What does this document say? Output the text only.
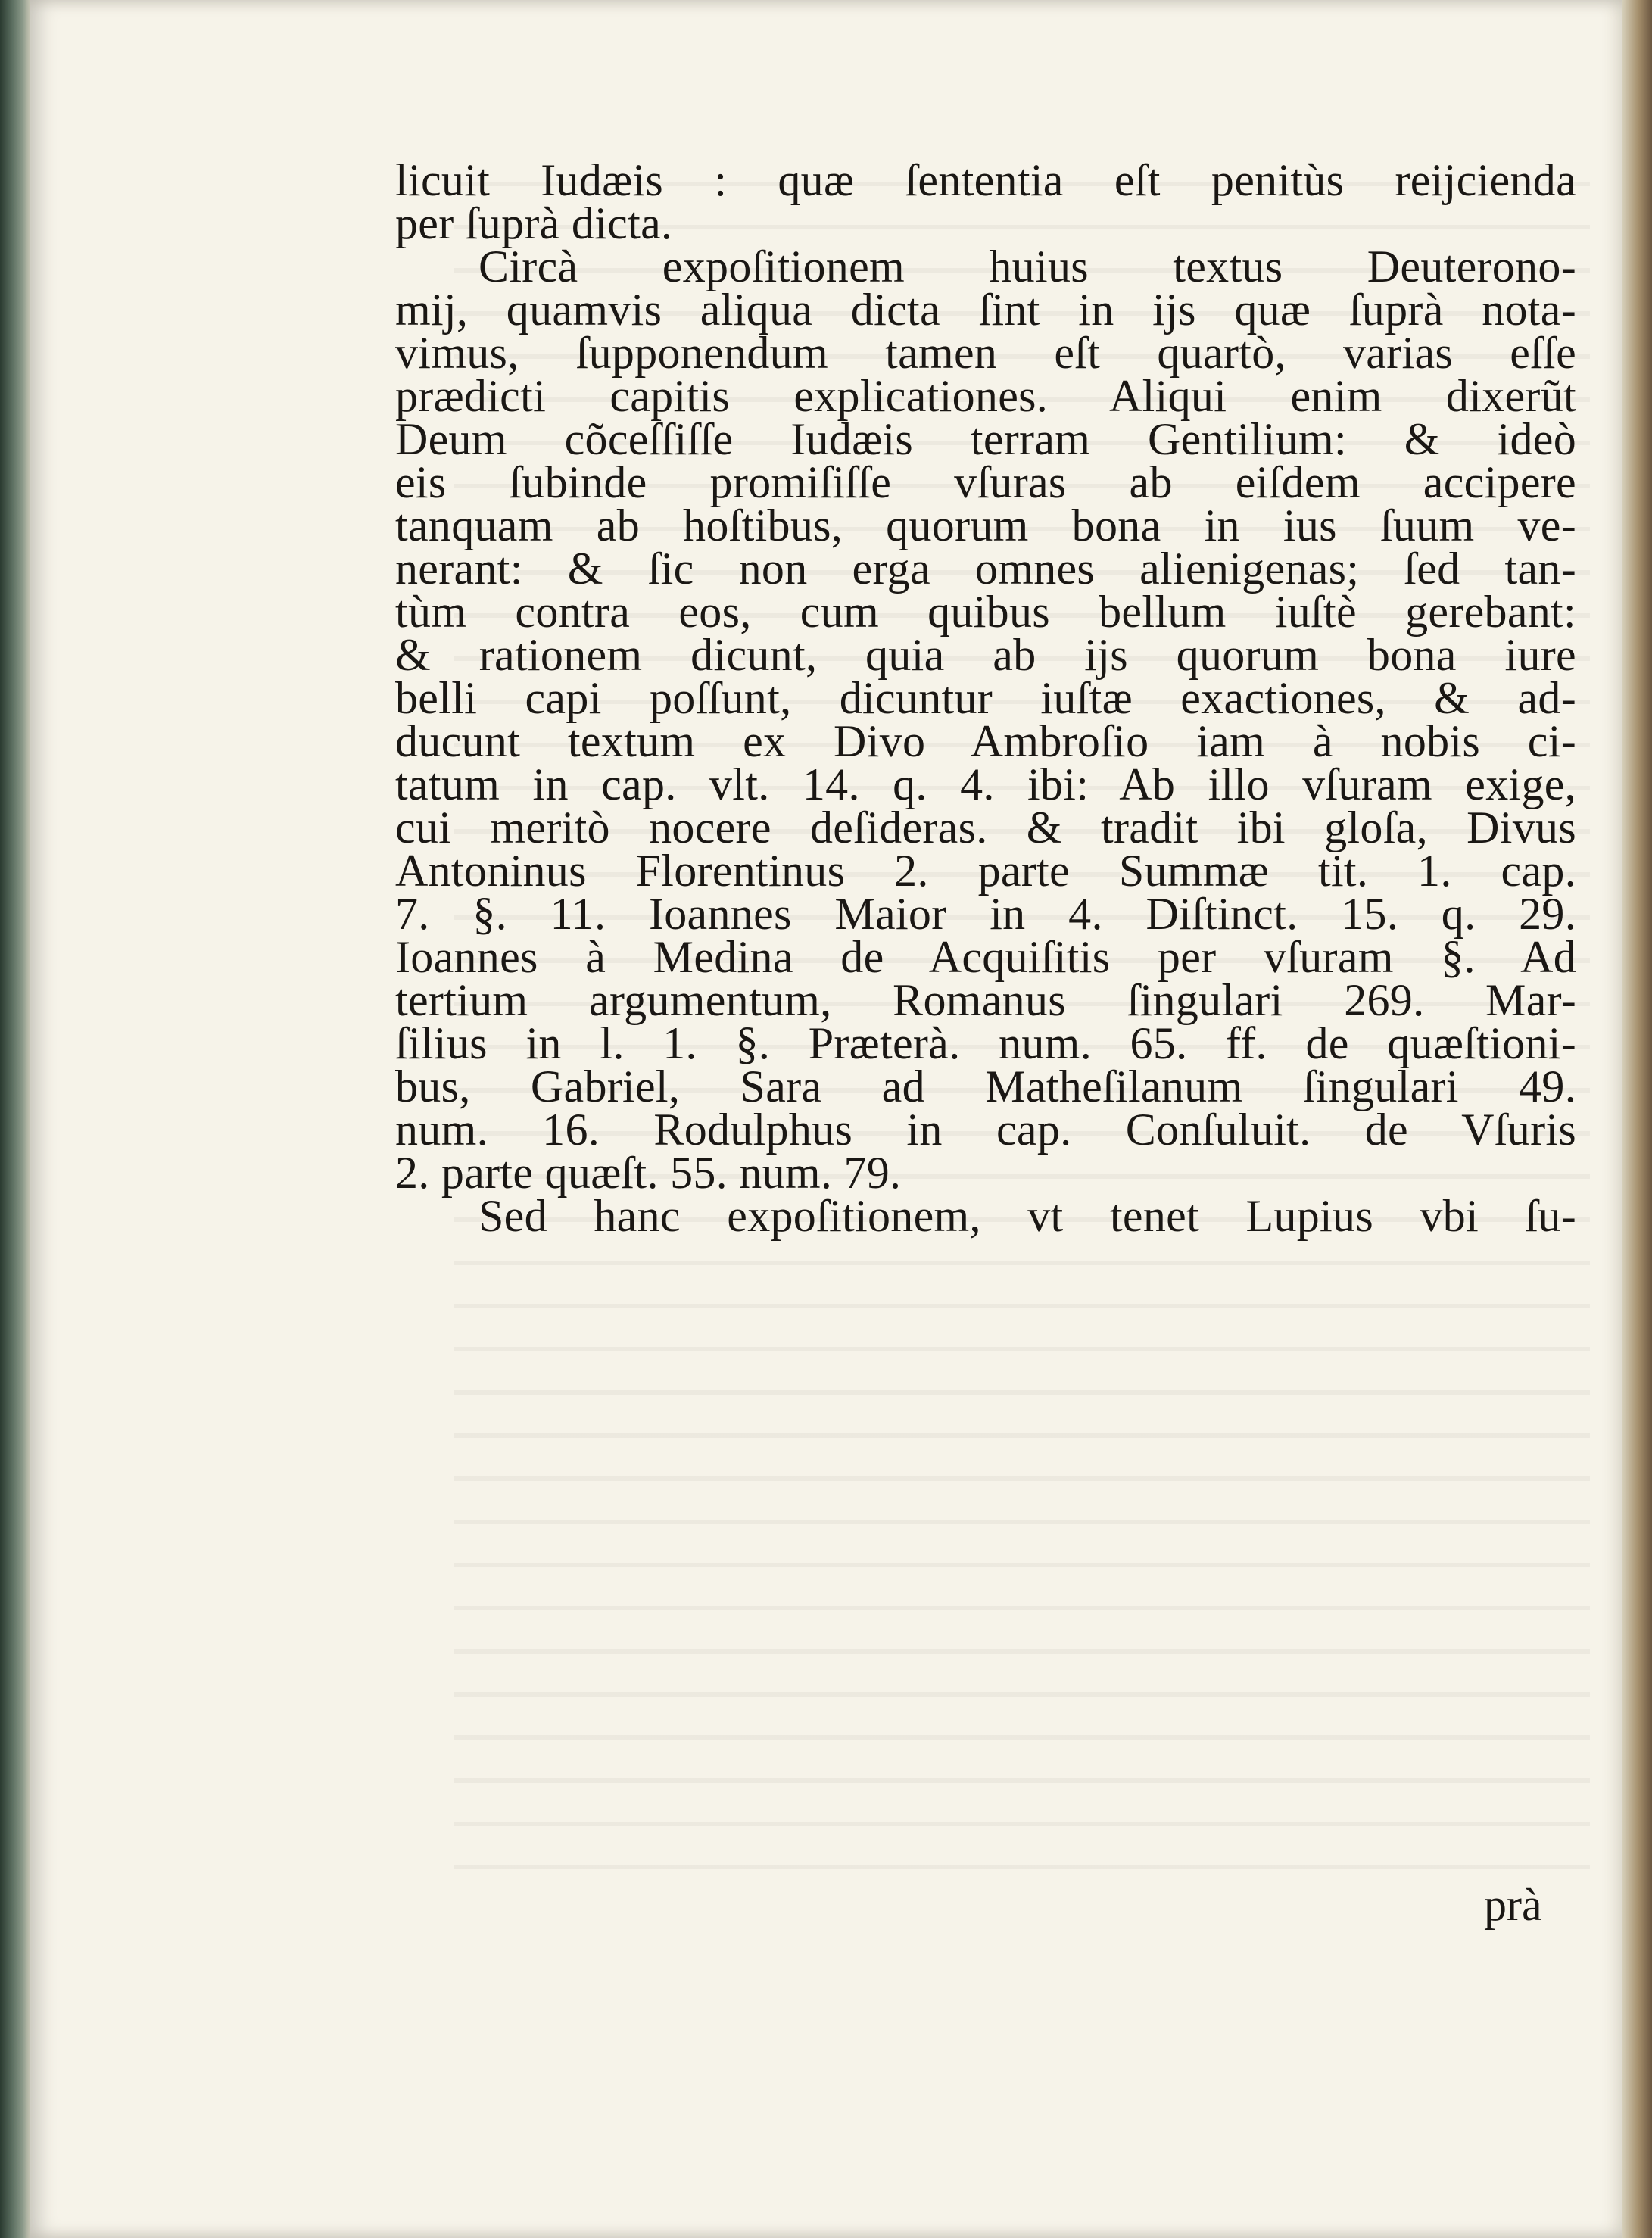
licuit Iudæis : quæ ſententia eſt penitùs reijcienda
per ſuprà dicta.
Circà expoſitionem huius textus Deuterono-
mij, quamvis aliqua dicta ſint in ijs quæ ſuprà nota-
vimus, ſupponendum tamen eſt quartò, varias eſſe
prædicti capitis explicationes. Aliqui enim dixerũt
Deum cõceſſiſſe Iudæis terram Gentilium: & ideò
eis ſubinde promiſiſſe vſuras ab eiſdem accipere
tanquam ab hoſtibus, quorum bona in ius ſuum ve-
nerant: & ſic non erga omnes alienigenas; ſed tan-
tùm contra eos, cum quibus bellum iuſtè gerebant:
& rationem dicunt, quia ab ijs quorum bona iure
belli capi poſſunt, dicuntur iuſtæ exactiones, & ad-
ducunt textum ex Divo Ambroſio iam à nobis ci-
tatum in cap. vlt. 14. q. 4. ibi: Ab illo vſuram exige,
cui meritò nocere deſideras. & tradit ibi gloſa, Divus
Antoninus Florentinus 2. parte Summæ tit. 1. cap.
7. §. 11. Ioannes Maior in 4. Diſtinct. 15. q. 29.
Ioannes à Medina de Acquiſitis per vſuram §. Ad
tertium argumentum, Romanus ſingulari 269. Mar-
ſilius in l. 1. §. Præterà. num. 65. ff. de quæſtioni-
bus, Gabriel, Sara ad Matheſilanum ſingulari 49.
num. 16. Rodulphus in cap. Conſuluit. de Vſuris
2. parte quæſt. 55. num. 79.
Sed hanc expoſitionem, vt tenet Lupius vbi ſu-
prà
